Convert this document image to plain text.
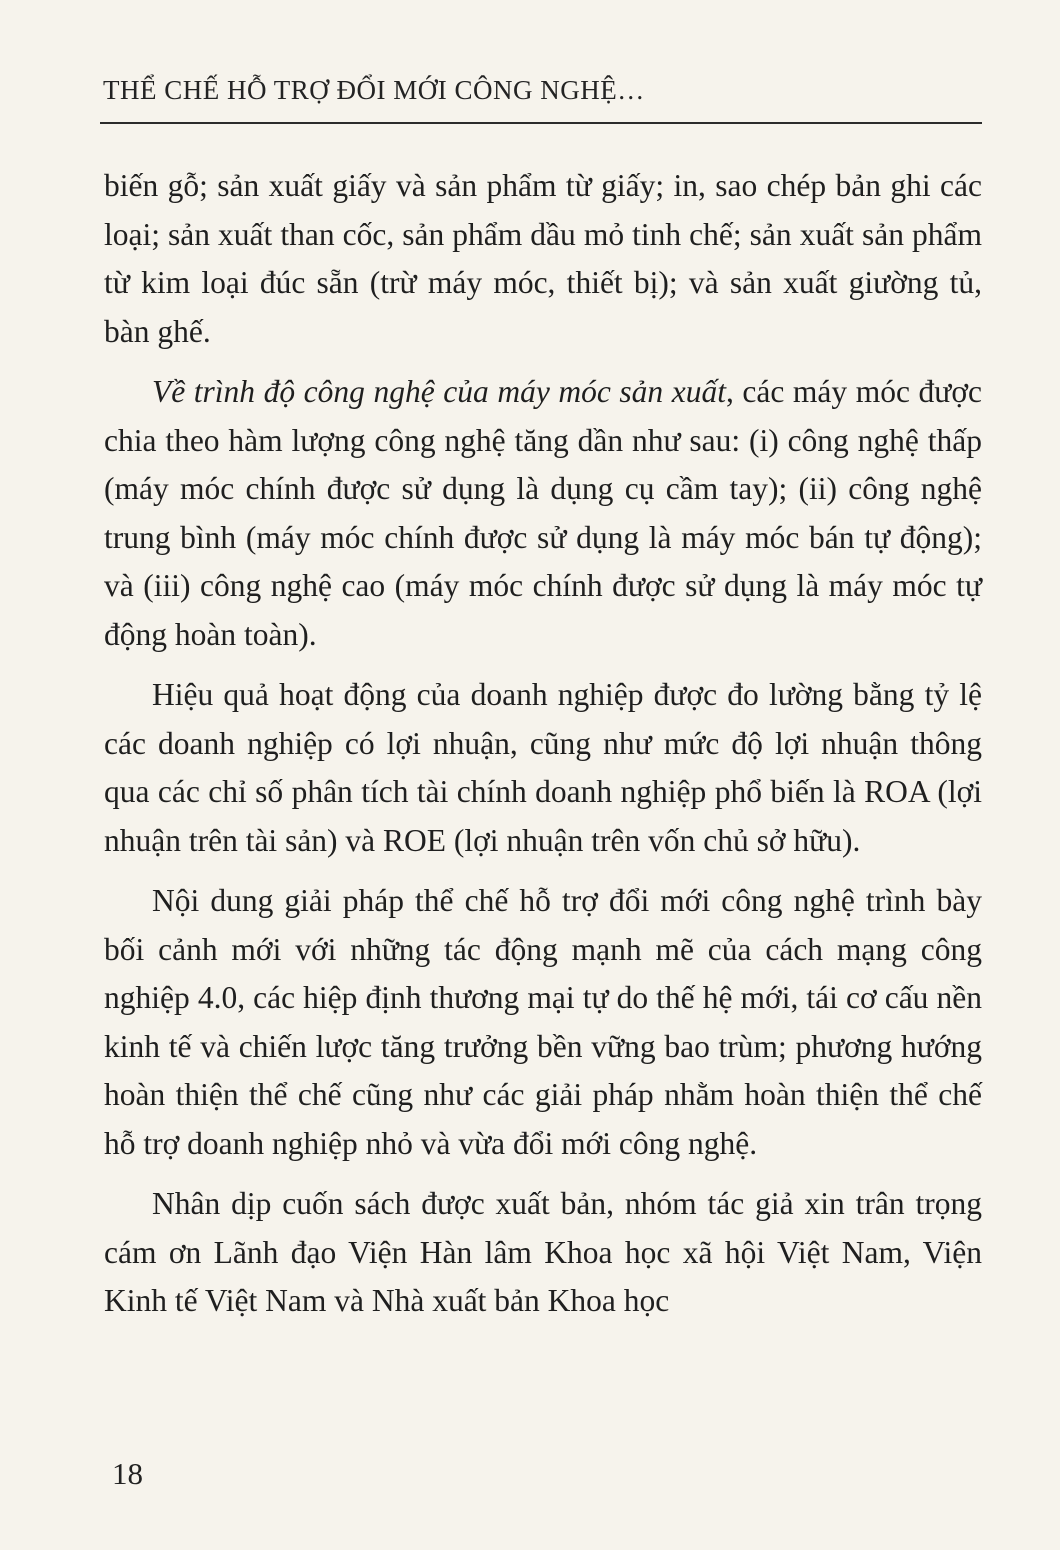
THỂ CHẾ HỖ TRỢ ĐỔI MỚI CÔNG NGHỆ…

biến gỗ; sản xuất giấy và sản phẩm từ giấy; in, sao chép bản ghi các loại; sản xuất than cốc, sản phẩm dầu mỏ tinh chế; sản xuất sản phẩm từ kim loại đúc sẵn (trừ máy móc, thiết bị); và sản xuất giường tủ, bàn ghế.

Về trình độ công nghệ của máy móc sản xuất, các máy móc được chia theo hàm lượng công nghệ tăng dần như sau: (i) công nghệ thấp (máy móc chính được sử dụng là dụng cụ cầm tay); (ii) công nghệ trung bình (máy móc chính được sử dụng là máy móc bán tự động); và (iii) công nghệ cao (máy móc chính được sử dụng là máy móc tự động hoàn toàn).

Hiệu quả hoạt động của doanh nghiệp được đo lường bằng tỷ lệ các doanh nghiệp có lợi nhuận, cũng như mức độ lợi nhuận thông qua các chỉ số phân tích tài chính doanh nghiệp phổ biến là ROA (lợi nhuận trên tài sản) và ROE (lợi nhuận trên vốn chủ sở hữu).

Nội dung giải pháp thể chế hỗ trợ đổi mới công nghệ trình bày bối cảnh mới với những tác động mạnh mẽ của cách mạng công nghiệp 4.0, các hiệp định thương mại tự do thế hệ mới, tái cơ cấu nền kinh tế và chiến lược tăng trưởng bền vững bao trùm; phương hướng hoàn thiện thể chế cũng như các giải pháp nhằm hoàn thiện thể chế hỗ trợ doanh nghiệp nhỏ và vừa đổi mới công nghệ.

Nhân dịp cuốn sách được xuất bản, nhóm tác giả xin trân trọng cám ơn Lãnh đạo Viện Hàn lâm Khoa học xã hội Việt Nam, Viện Kinh tế Việt Nam và Nhà xuất bản Khoa học

18
